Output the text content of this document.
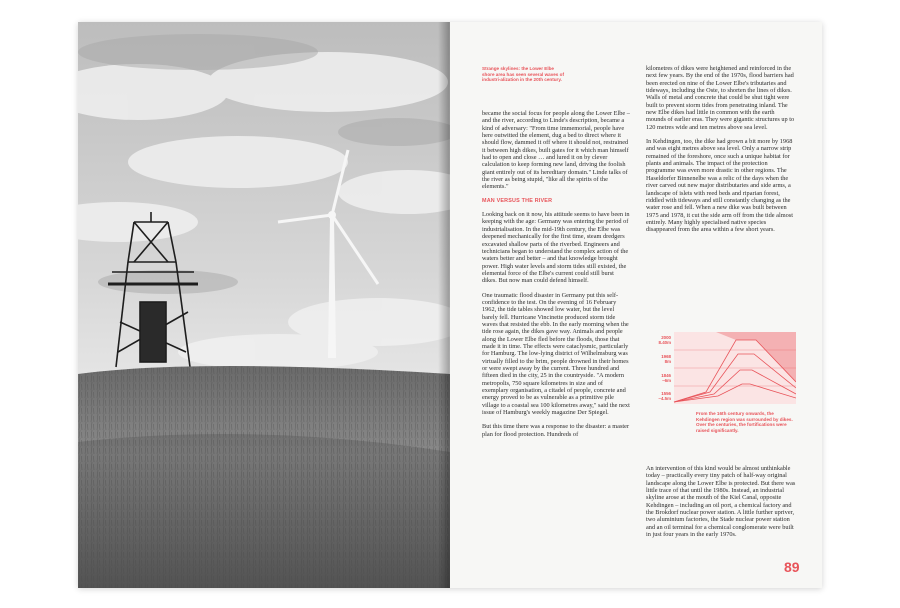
Strange skylines: the Lower Elbe shore area has seen several waves of industri-alization in the 20th century.

became the social focus for people along the Lower Elbe – and the river, according to Linde's description, became a kind of adversary: "From time immemorial, people have here outwitted the element, dug a bed to direct where it should flow, dammed it off where it should not, restrained it between high dikes, built gates for it which man himself had to open and close … and lured it on by clever calculation to keep forming new land, driving the foolish giant entirely out of its hereditary domain." Linde talks of the river as being stupid, "like all the spirits of the elements."

MAN VERSUS THE RIVER

Looking back on it now, his attitude seems to have been in keeping with the age: Germany was entering the period of industrialisation. In the mid-19th century, the Elbe was deepened mechanically for the first time, steam dredgers excavated shallow parts of the riverbed. Engineers and technicians began to understand the complex action of the waters better and better – and that knowledge brought power. High water levels and storm tides still existed, the elemental force of the Elbe's current could still burst dikes. But now man could defend himself.

One traumatic flood disaster in Germany put this self-confidence to the test. On the evening of 16 February 1962, the tide tables showed low water, but the level barely fell. Hurricane Vincinette produced storm tide waves that resisted the ebb. In the early morning when the tide rose again, the dikes gave way. Animals and people along the Lower Elbe fled before the floods, those that made it in time. The effects were cataclysmic, particularly for Hamburg. The low-lying district of Wilhelmsburg was virtually filled to the brim, people drowned in their homes or were swept away by the current. Three hundred and fifteen died in the city, 25 in the countryside. "A modern metropolis, 750 square kilometres in size and of exemplary organisation, a citadel of people, concrete and energy proved to be as vulnerable as a primitive pile village to a coastal sea 100 kilometres away," said the next issue of Hamburg's weekly magazine Der Spiegel.

But this time there was a response to the disaster: a master plan for flood protection. Hundreds of

kilometres of dikes were heightened and reinforced in the next few years. By the end of the 1970s, flood barriers had been erected on nine of the Lower Elbe's tributaries and tideways, including the Oste, to shorten the lines of dikes. Walls of metal and concrete that could be shut tight were built to prevent storm tides from penetrating inland. The new Elbe dikes had little in common with the earth mounds of earlier eras. They were gigantic structures up to 120 metres wide and ten metres above sea level.

In Kehdingen, too, the dike had grown a bit more by 1968 and was eight metres above sea level. Only a narrow strip remained of the foreshore, once such a unique habitat for plants and animals. The impact of the protection programme was even more drastic in other regions. The Haseldorfer Binnenelbe was a relic of the days when the river carved out new major distributaries and side arms, a landscape of islets with reed beds and riparian forest, riddled with tideways and still constantly changing as the water rose and fell. When a new dike was built between 1975 and 1978, it cut the side arm off from the tide almost entirely. Many highly specialised native species disappeared from the area within a few short years.

2000
8.40m
1968
8m
1846
~6m
1556
~4.5m
From the 16th century onwards, the Kehdingen region was surrounded by dikes. Over the centuries, the fortifications were raised significantly.

An intervention of this kind would be almost unthinkable today – practically every tiny patch of half-way original landscape along the Lower Elbe is protected. But there was little trace of that until the 1980s. Instead, an industrial skyline arose at the mouth of the Kiel Canal, opposite Kehdingen – including an oil port, a chemical factory and the Brokdorf nuclear power station. A little further upriver, two aluminium factories, the Stade nuclear power station and an oil terminal for a chemical conglomerate were built in just four years in the early 1970s.

89
